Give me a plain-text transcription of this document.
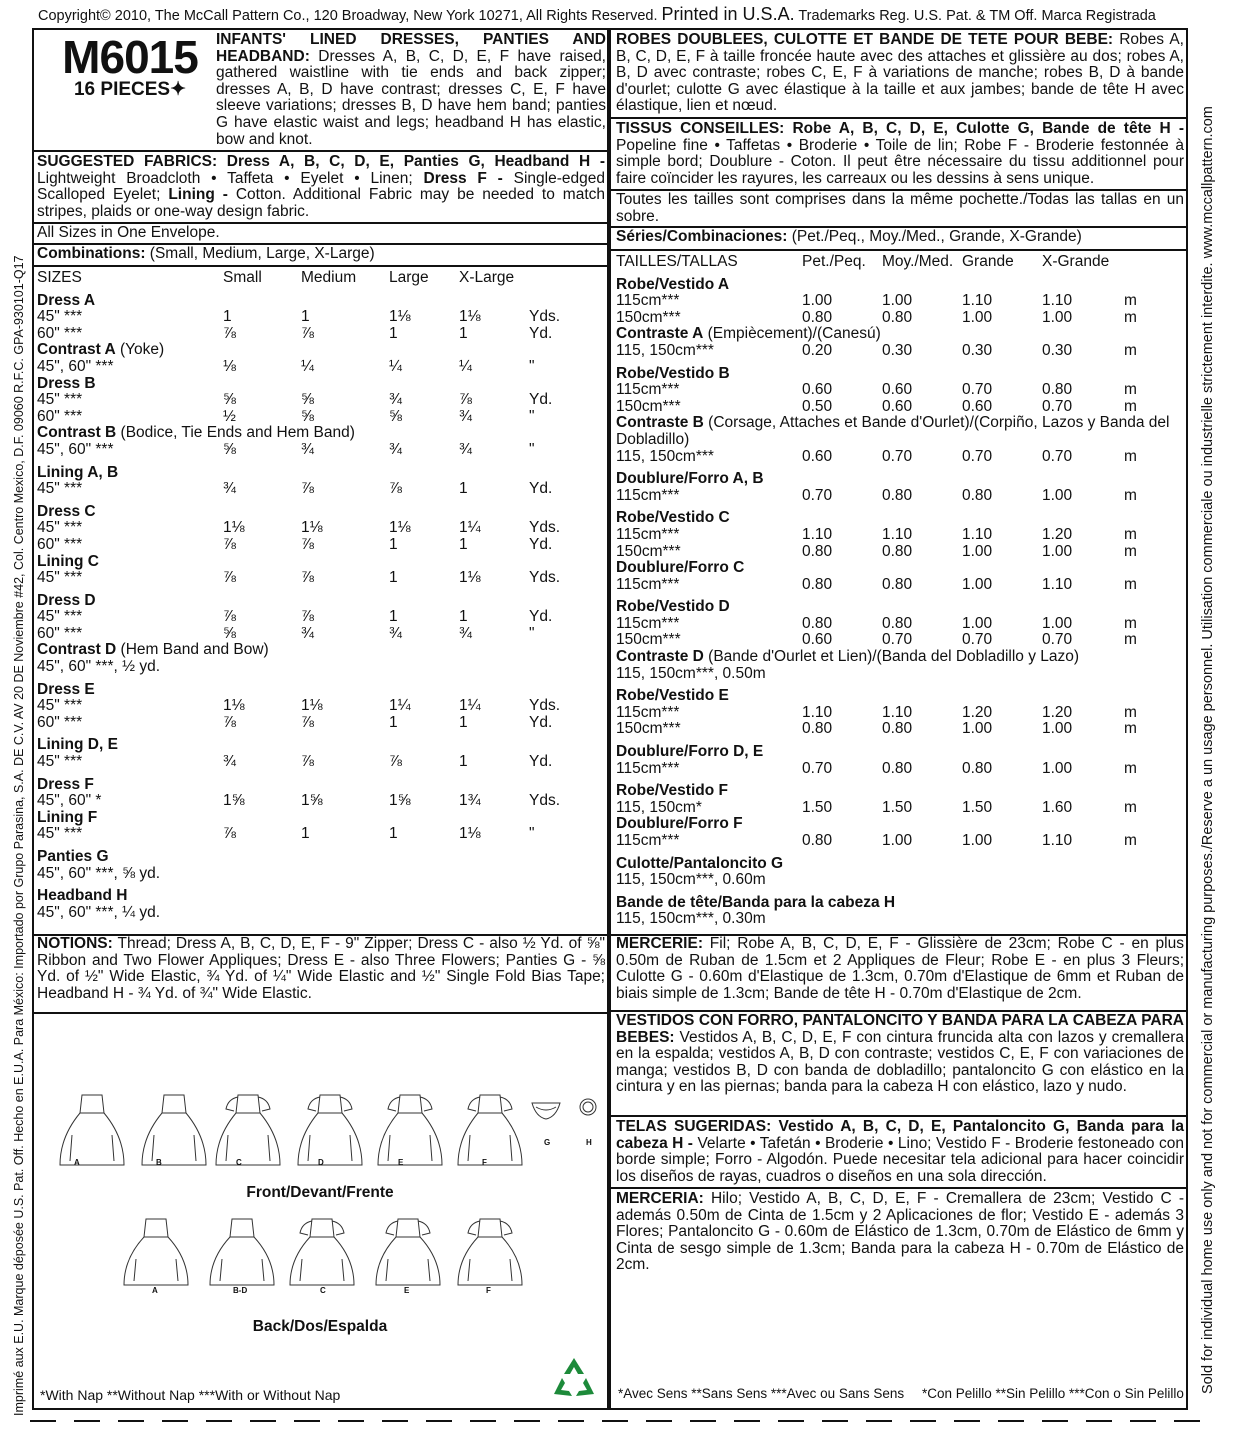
Copyright© 2010, The McCall Pattern Co., 120 Broadway, New York 10271, All Rights Reserved. Printed in U.S.A. Trademarks Reg. U.S. Pat. & TM Off. Marca Registrada
Sold for individual home use only and not for commercial or manufacturing purposes./Reserve a un usage personnel. Utilisation commerciale ou industrielle strictement interdite. www.mccallpattern.com
Imprimé aux E.U. Marque déposée U.S. Pat. Off. Hecho en E.U.A. Para México: Importado por Grupo Parasina, S.A. DE C.V. AV 20 DE Noviembre #42, Col. Centro Mexico, D.F. 09060 R.F.C. GPA-930101-Q17
M6015
16 PIECES✦
INFANTS' LINED DRESSES, PANTIES AND HEADBAND: Dresses A, B, C, D, E, F have raised, gathered waistline with tie ends and back zipper; dresses A, B, D have contrast; dresses C, E, F have sleeve variations; dresses B, D have hem band; panties G have elastic waist and legs; headband H has elastic, bow and knot.
SUGGESTED FABRICS: Dress A, B, C, D, E, Panties G, Headband H - Lightweight Broadcloth • Taffeta • Eyelet • Linen; Dress F - Single-edged Scalloped Eyelet; Lining - Cotton. Additional Fabric may be needed to match stripes, plaids or one-way design fabric.
All Sizes in One Envelope.
Combinations: (Small, Medium, Large, X-Large)
SIZES	Small	Medium	Large	X-Large	
Dress A					
45" ***	1	1	1⅛	1⅛	Yds.
60" ***	⅞	⅞	1	1	Yd.
Contrast A (Yoke)					
45", 60" ***	⅛	¼	¼	¼	"
Dress B					
45" ***	⅝	⅝	¾	⅞	Yd.
60" ***	½	⅝	⅝	¾	"
Contrast B (Bodice, Tie Ends and Hem Band)					
45", 60" ***	⅝	¾	¾	¾	"
Lining A, B					
45" ***	¾	⅞	⅞	1	Yd.
Dress C					
45" ***	1⅛	1⅛	1⅛	1¼	Yds.
60" ***	⅞	⅞	1	1	Yd.
Lining C					
45" ***	⅞	⅞	1	1⅛	Yds.
Dress D					
45" ***	⅞	⅞	1	1	Yd.
60" ***	⅝	¾	¾	¾	"
Contrast D (Hem Band and Bow)					
45", 60" ***, ½ yd.					
Dress E					
45" ***	1⅛	1⅛	1¼	1¼	Yds.
60" ***	⅞	⅞	1	1	Yd.
Lining D, E					
45" ***	¾	⅞	⅞	1	Yd.
Dress F					
45", 60" *	1⅝	1⅝	1⅝	1¾	Yds.
Lining F					
45" ***	⅞	1	1	1⅛	"
Panties G					
45", 60" ***, ⅝ yd.					
Headband H					
45", 60" ***, ¼ yd.					
NOTIONS: Thread; Dress A, B, C, D, E, F - 9" Zipper; Dress C - also ½ Yd. of ⅝" Ribbon and Two Flower Appliques; Dress E - also Three Flowers; Panties G - ⅝ Yd. of ½" Wide Elastic, ¾ Yd. of ¼" Wide Elastic and ½" Single Fold Bias Tape; Headband H - ¾ Yd. of ¾" Wide Elastic.
A	B	C	D	E	F
G	H
Front/Devant/Frente
A	B-D	C	E	F
Back/Dos/Espalda
*With Nap **Without Nap ***With or Without Nap
ROBES DOUBLEES, CULOTTE ET BANDE DE TETE POUR BEBE: Robes A, B, C, D, E, F à taille froncée haute avec des attaches et glissière au dos; robes A, B, D avec contraste; robes C, E, F à variations de manche; robes B, D à bande d'ourlet; culotte G avec élastique à la taille et aux jambes; bande de tête H avec élastique, lien et nœud.
TISSUS CONSEILLES: Robe A, B, C, D, E, Culotte G, Bande de tête H - Popeline fine • Taffetas • Broderie • Toile de lin; Robe F - Broderie festonnée à simple bord; Doublure - Coton. Il peut être nécessaire du tissu additionnel pour faire coïncider les rayures, les carreaux ou les dessins à sens unique.
Toutes les tailles sont comprises dans la même pochette./Todas las tallas en un sobre.
Séries/Combinaciones: (Pet./Peq., Moy./Med., Grande, X-Grande)
TAILLES/TALLAS	Pet./Peq.	Moy./Med.	Grande	X-Grande	
Robe/Vestido A					
115cm***	1.00	1.00	1.10	1.10	m
150cm***	0.80	0.80	1.00	1.00	m
Contraste A (Empiècement)/(Canesú)					
115, 150cm***	0.20	0.30	0.30	0.30	m
Robe/Vestido B					
115cm***	0.60	0.60	0.70	0.80	m
150cm***	0.50	0.60	0.60	0.70	m
Contraste B (Corsage, Attaches et Bande d'Ourlet)/(Corpiño, Lazos y Banda del Dobladillo)					
115, 150cm***	0.60	0.70	0.70	0.70	m
Doublure/Forro A, B					
115cm***	0.70	0.80	0.80	1.00	m
Robe/Vestido C					
115cm***	1.10	1.10	1.10	1.20	m
150cm***	0.80	0.80	1.00	1.00	m
Doublure/Forro C					
115cm***	0.80	0.80	1.00	1.10	m
Robe/Vestido D					
115cm***	0.80	0.80	1.00	1.00	m
150cm***	0.60	0.70	0.70	0.70	m
Contraste D (Bande d'Ourlet et Lien)/(Banda del Dobladillo y Lazo)					
115, 150cm***, 0.50m					
Robe/Vestido E					
115cm***	1.10	1.10	1.20	1.20	m
150cm***	0.80	0.80	1.00	1.00	m
Doublure/Forro D, E					
115cm***	0.70	0.80	0.80	1.00	m
Robe/Vestido F					
115, 150cm*	1.50	1.50	1.50	1.60	m
Doublure/Forro F					
115cm***	0.80	1.00	1.00	1.10	m
Culotte/Pantaloncito G					
115, 150cm***, 0.60m					
Bande de tête/Banda para la cabeza H					
115, 150cm***, 0.30m					
MERCERIE: Fil; Robe A, B, C, D, E, F - Glissière de 23cm; Robe C - en plus 0.50m de Ruban de 1.5cm et 2 Appliques de Fleur; Robe E - en plus 3 Fleurs; Culotte G - 0.60m d'Elastique de 1.3cm, 0.70m d'Elastique de 6mm et Ruban de biais simple de 1.3cm; Bande de tête H - 0.70m d'Elastique de 2cm.
VESTIDOS CON FORRO, PANTALONCITO Y BANDA PARA LA CABEZA PARA BEBES: Vestidos A, B, C, D, E, F con cintura fruncida alta con lazos y cremallera en la espalda; vestidos A, B, D con contraste; vestidos C, E, F con variaciones de manga; vestidos B, D con banda de dobladillo; pantaloncito G con elástico en la cintura y en las piernas; banda para la cabeza H con elástico, lazo y nudo.
TELAS SUGERIDAS: Vestido A, B, C, D, E, Pantaloncito G, Banda para la cabeza H - Velarte • Tafetán • Broderie • Lino; Vestido F - Broderie festoneado con borde simple; Forro - Algodón. Puede necesitar tela adicional para hacer coincidir los diseños de rayas, cuadros o diseños en una sola dirección.
MERCERIA: Hilo; Vestido A, B, C, D, E, F - Cremallera de 23cm; Vestido C - además 0.50m de Cinta de 1.5cm y 2 Aplicaciones de flor; Vestido E - además 3 Flores; Pantaloncito G - 0.60m de Elástico de 1.3cm, 0.70m de Elástico de 6mm y Cinta de sesgo simple de 1.3cm; Banda para la cabeza H - 0.70m de Elástico de 2cm.
*Avec Sens **Sans Sens ***Avec ou Sans Sens *Con Pelillo **Sin Pelillo ***Con o Sin Pelillo
